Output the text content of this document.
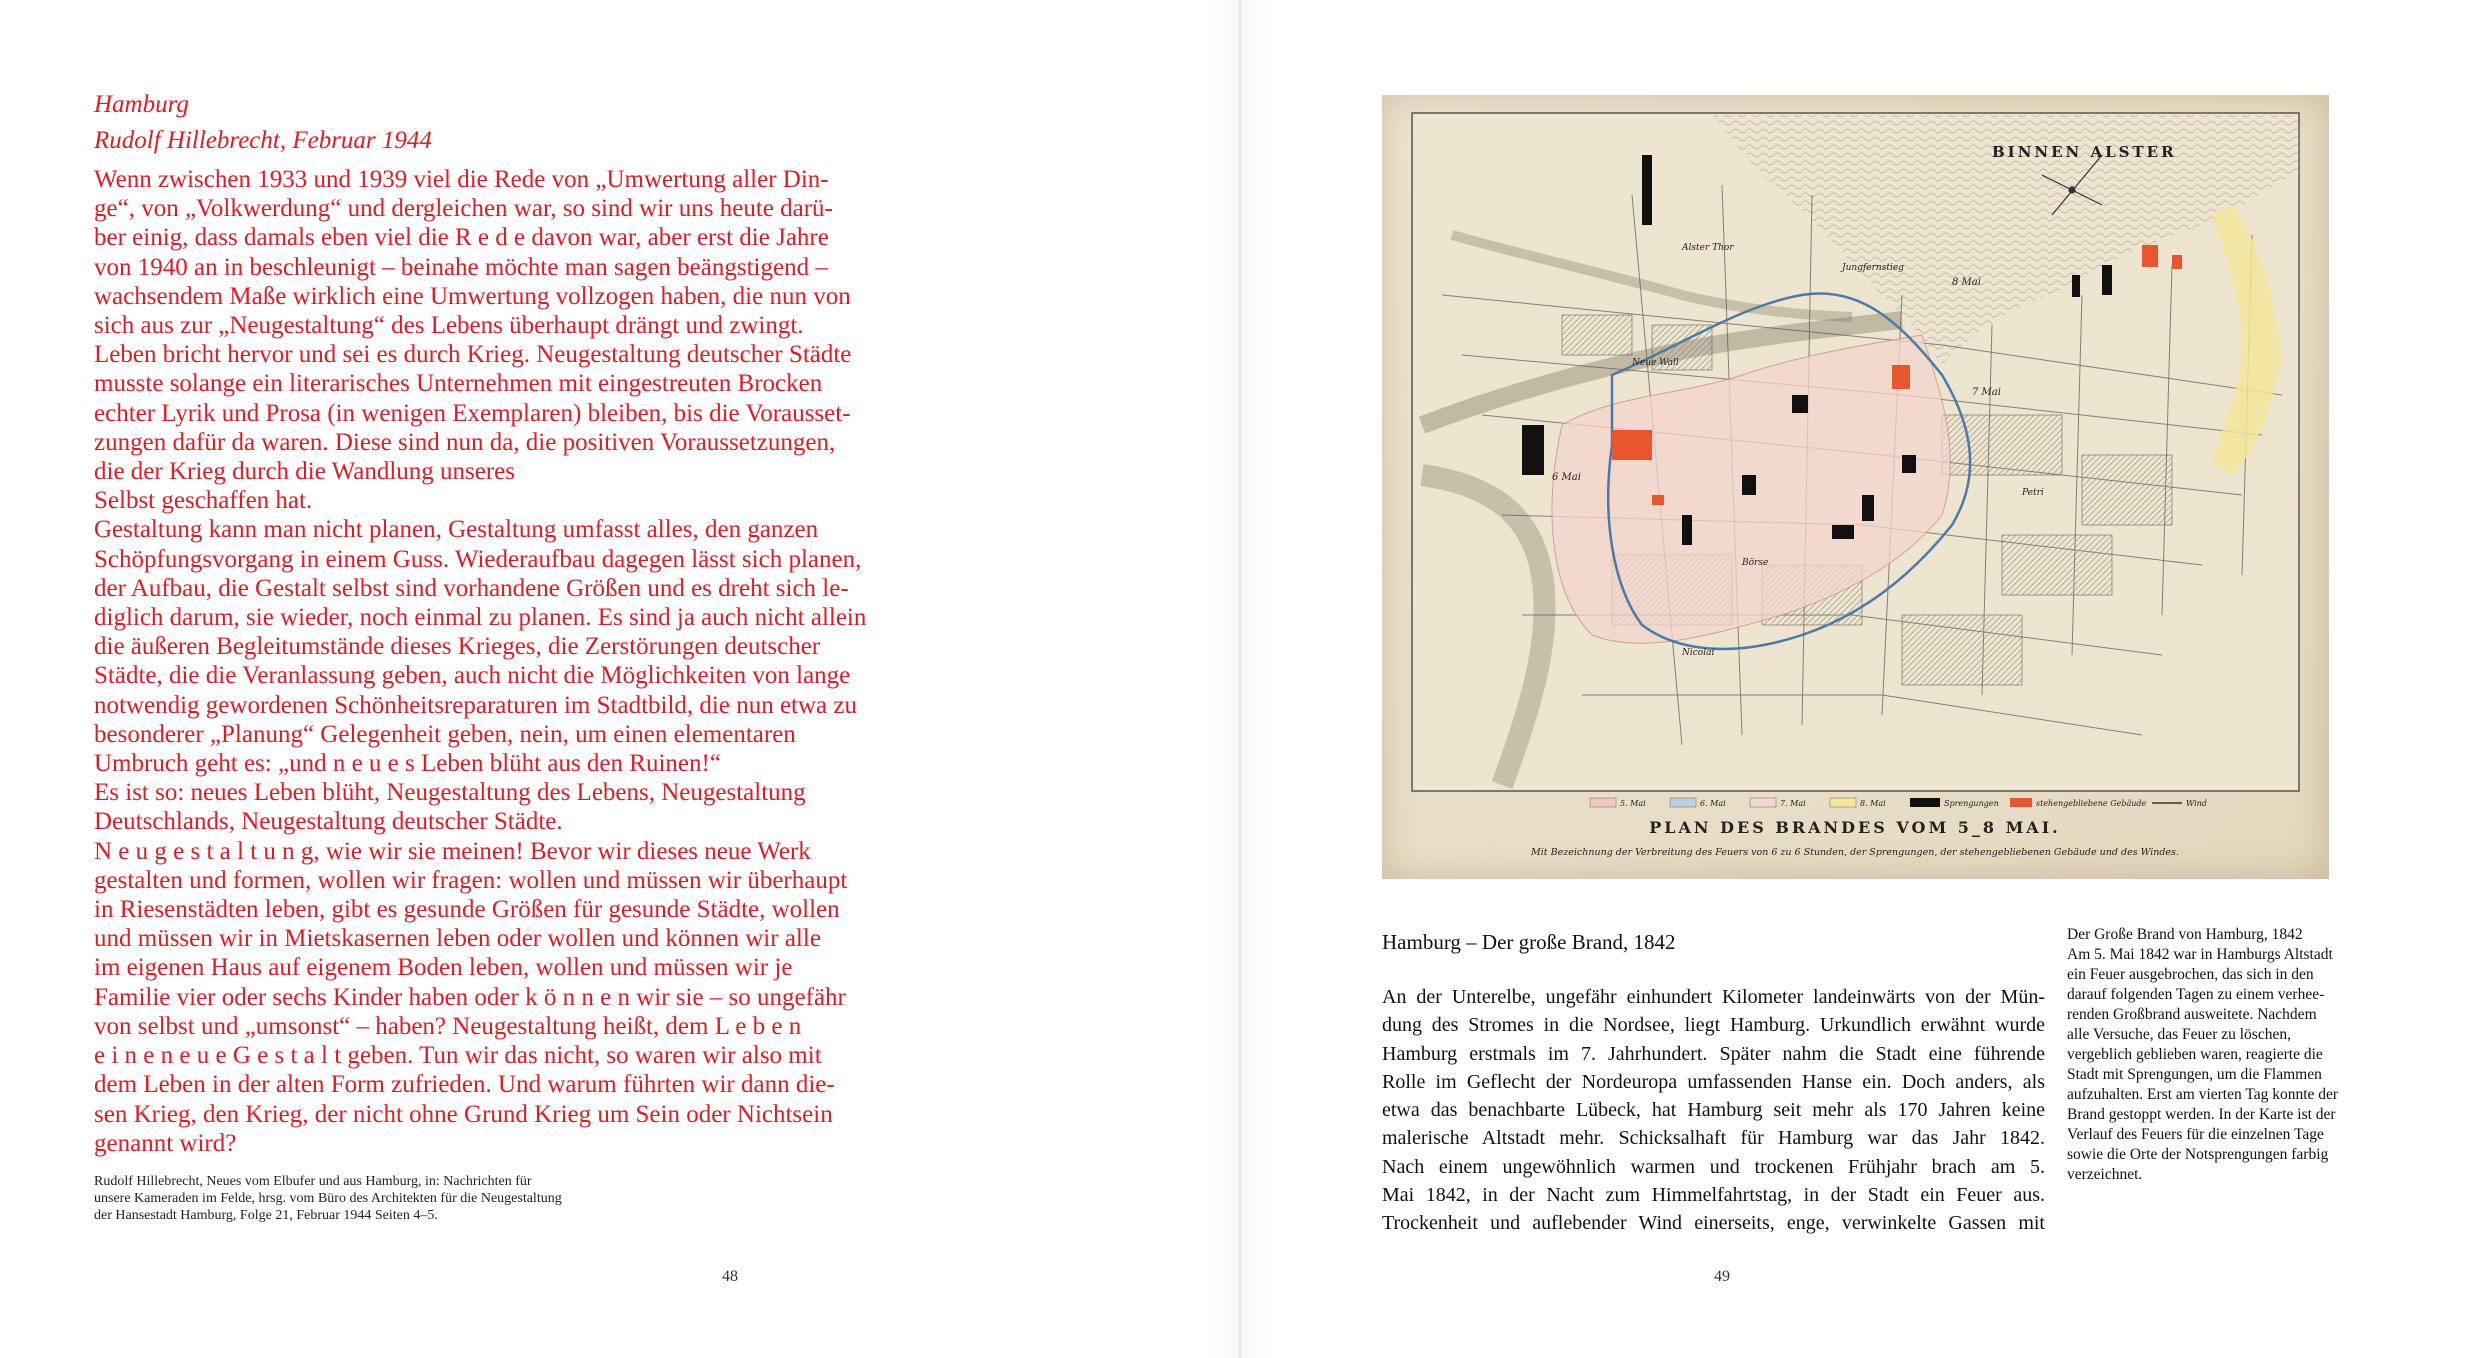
Hamburg
Rudolf Hillebrecht, Februar 1944
Wenn zwischen 1933 und 1939 viel die Rede von „Umwertung aller Din-
ge“, von „Volkwerdung“ und dergleichen war, so sind wir uns heute darü-
ber einig, dass damals eben viel die R e d e davon war, aber erst die Jahre
von 1940 an in beschleunigt – beinahe möchte man sagen beängstigend –
wachsendem Maße wirklich eine Umwertung vollzogen haben, die nun von
sich aus zur „Neugestaltung“ des Lebens überhaupt drängt und zwingt.
Leben bricht hervor und sei es durch Krieg. Neugestaltung deutscher Städte
musste solange ein literarisches Unternehmen mit eingestreuten Brocken
echter Lyrik und Prosa (in wenigen Exemplaren) bleiben, bis die Vorausset-
zungen dafür da waren. Diese sind nun da, die positiven Voraussetzungen,
die der Krieg durch die Wandlung unseres
Selbst geschaffen hat.
Gestaltung kann man nicht planen, Gestaltung umfasst alles, den ganzen
Schöpfungsvorgang in einem Guss. Wiederaufbau dagegen lässt sich planen,
der Aufbau, die Gestalt selbst sind vorhandene Größen und es dreht sich le-
diglich darum, sie wieder, noch einmal zu planen. Es sind ja auch nicht allein
die äußeren Begleitumstände dieses Krieges, die Zerstörungen deutscher
Städte, die die Veranlassung geben, auch nicht die Möglichkeiten von lange
notwendig gewordenen Schönheitsreparaturen im Stadtbild, die nun etwa zu
besonderer „Planung“ Gelegenheit geben, nein, um einen elementaren
Umbruch geht es: „und n e u e s Leben blüht aus den Ruinen!“
Es ist so: neues Leben blüht, Neugestaltung des Lebens, Neugestaltung
Deutschlands, Neugestaltung deutscher Städte.
N e u g e s t a l t u n g, wie wir sie meinen! Bevor wir dieses neue Werk
gestalten und formen, wollen wir fragen: wollen und müssen wir überhaupt
in Riesenstädten leben, gibt es gesunde Größen für gesunde Städte, wollen
und müssen wir in Mietskasernen leben oder wollen und können wir alle
im eigenen Haus auf eigenem Boden leben, wollen und müssen wir je
Familie vier oder sechs Kinder haben oder k ö n n e n wir sie – so ungefähr
von selbst und „umsonst“ – haben? Neugestaltung heißt, dem L e b e n
e i n e n e u e G e s t a l t geben. Tun wir das nicht, so waren wir also mit
dem Leben in der alten Form zufrieden. Und warum führten wir dann die-
sen Krieg, den Krieg, der nicht ohne Grund Krieg um Sein oder Nichtsein
genannt wird?
Rudolf Hillebrecht, Neues vom Elbufer und aus Hamburg, in: Nachrichten für
unsere Kameraden im Felde, hrsg. vom Büro des Architekten für die Neugestaltung
der Hansestadt Hamburg, Folge 21, Februar 1944 Seiten 4–5.
48
BINNEN ALSTER
Alster Thor
Jungfernstieg
Neue Wall
6 Mai
7 Mai
8 Mai
Börse
Petri
Nicolai
5. Mai	6. Mai	7. Mai	8. Mai	Sprengungen	stehengebliebene Gebäude	Wind
PLAN DES BRANDES VOM 5_8 MAI.
Mit Bezeichnung der Verbreitung des Feuers von 6 zu 6 Stunden, der Sprengungen, der stehengebliebenen Gebäude und des Windes.
Hamburg – Der große Brand, 1842
An der Unterelbe, ungefähr einhundert Kilometer landeinwärts von der Mün-
dung des Stromes in die Nordsee, liegt Hamburg. Urkundlich erwähnt wurde
Hamburg erstmals im 7. Jahrhundert. Später nahm die Stadt eine führende
Rolle im Geflecht der Nordeuropa umfassenden Hanse ein. Doch anders, als
etwa das benachbarte Lübeck, hat Hamburg seit mehr als 170 Jahren keine
malerische Altstadt mehr. Schicksalhaft für Hamburg war das Jahr 1842.
Nach einem ungewöhnlich warmen und trockenen Frühjahr brach am 5.
Mai 1842, in der Nacht zum Himmelfahrtstag, in der Stadt ein Feuer aus.
Trockenheit und auflebender Wind einerseits, enge, verwinkelte Gassen mit
Der Große Brand von Hamburg, 1842
Am 5. Mai 1842 war in Hamburgs Altstadt
ein Feuer ausgebrochen, das sich in den
darauf folgenden Tagen zu einem verhee-
renden Großbrand ausweitete. Nachdem
alle Versuche, das Feuer zu löschen,
vergeblich geblieben waren, reagierte die
Stadt mit Sprengungen, um die Flammen
aufzuhalten. Erst am vierten Tag konnte der
Brand gestoppt werden. In der Karte ist der
Verlauf des Feuers für die einzelnen Tage
sowie die Orte der Notsprengungen farbig
verzeichnet.
49
